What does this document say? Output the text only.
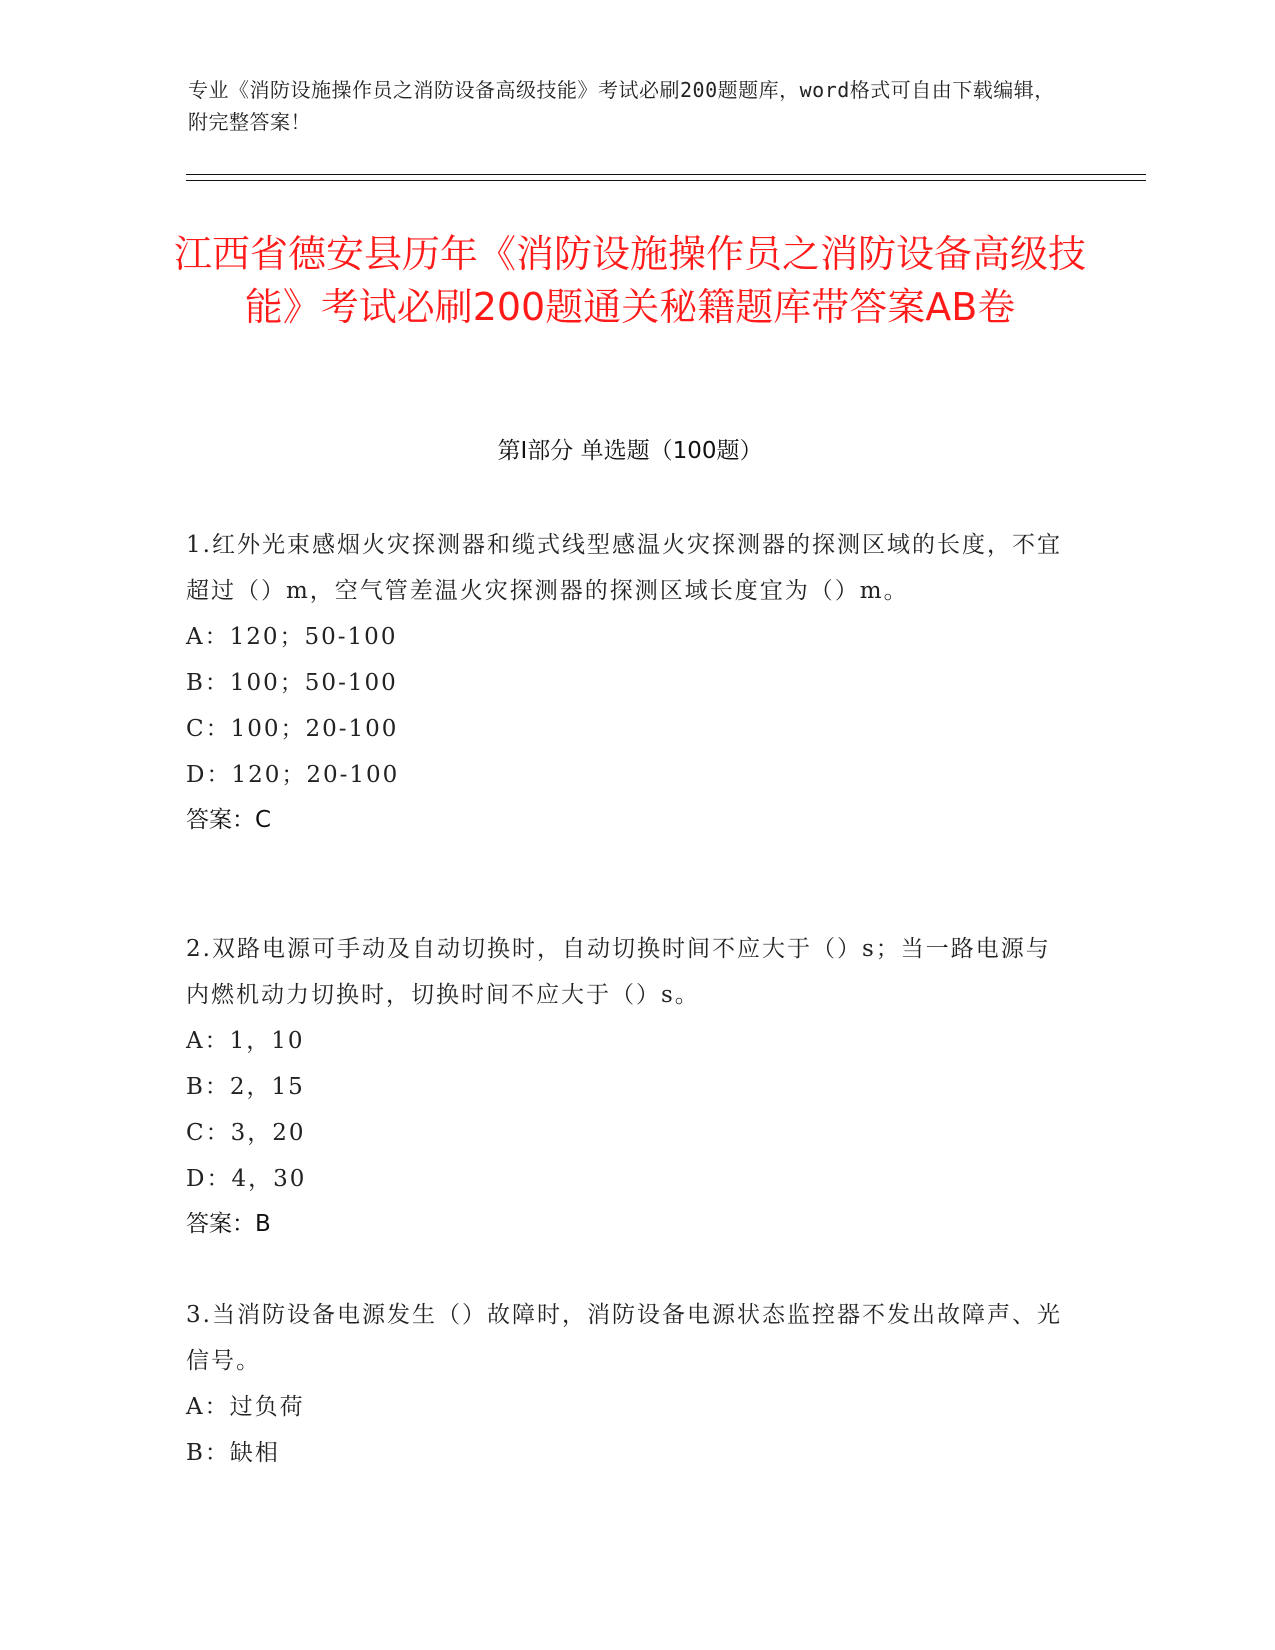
专业《消防设施操作员之消防设备高级技能》考试必刷200题题库，word格式可自由下载编辑，附完整答案！
江西省德安县历年《消防设施操作员之消防设备高级技能》考试必刷200题通关秘籍题库带答案AB卷
第Ⅰ部分 单选题（100题）
1.红外光束感烟火灾探测器和缆式线型感温火灾探测器的探测区域的长度，不宜超过（）m，空气管差温火灾探测器的探测区域长度宜为（）m。
A：120；50-100
B：100；50-100
C：100；20-100
D：120；20-100
答案：C
2.双路电源可手动及自动切换时，自动切换时间不应大于（）s；当一路电源与内燃机动力切换时，切换时间不应大于（）s。
A：1，10
B：2，15
C：3，20
D：4，30
答案：B
3.当消防设备电源发生（）故障时，消防设备电源状态监控器不发出故障声、光信号。
A：过负荷
B：缺相
